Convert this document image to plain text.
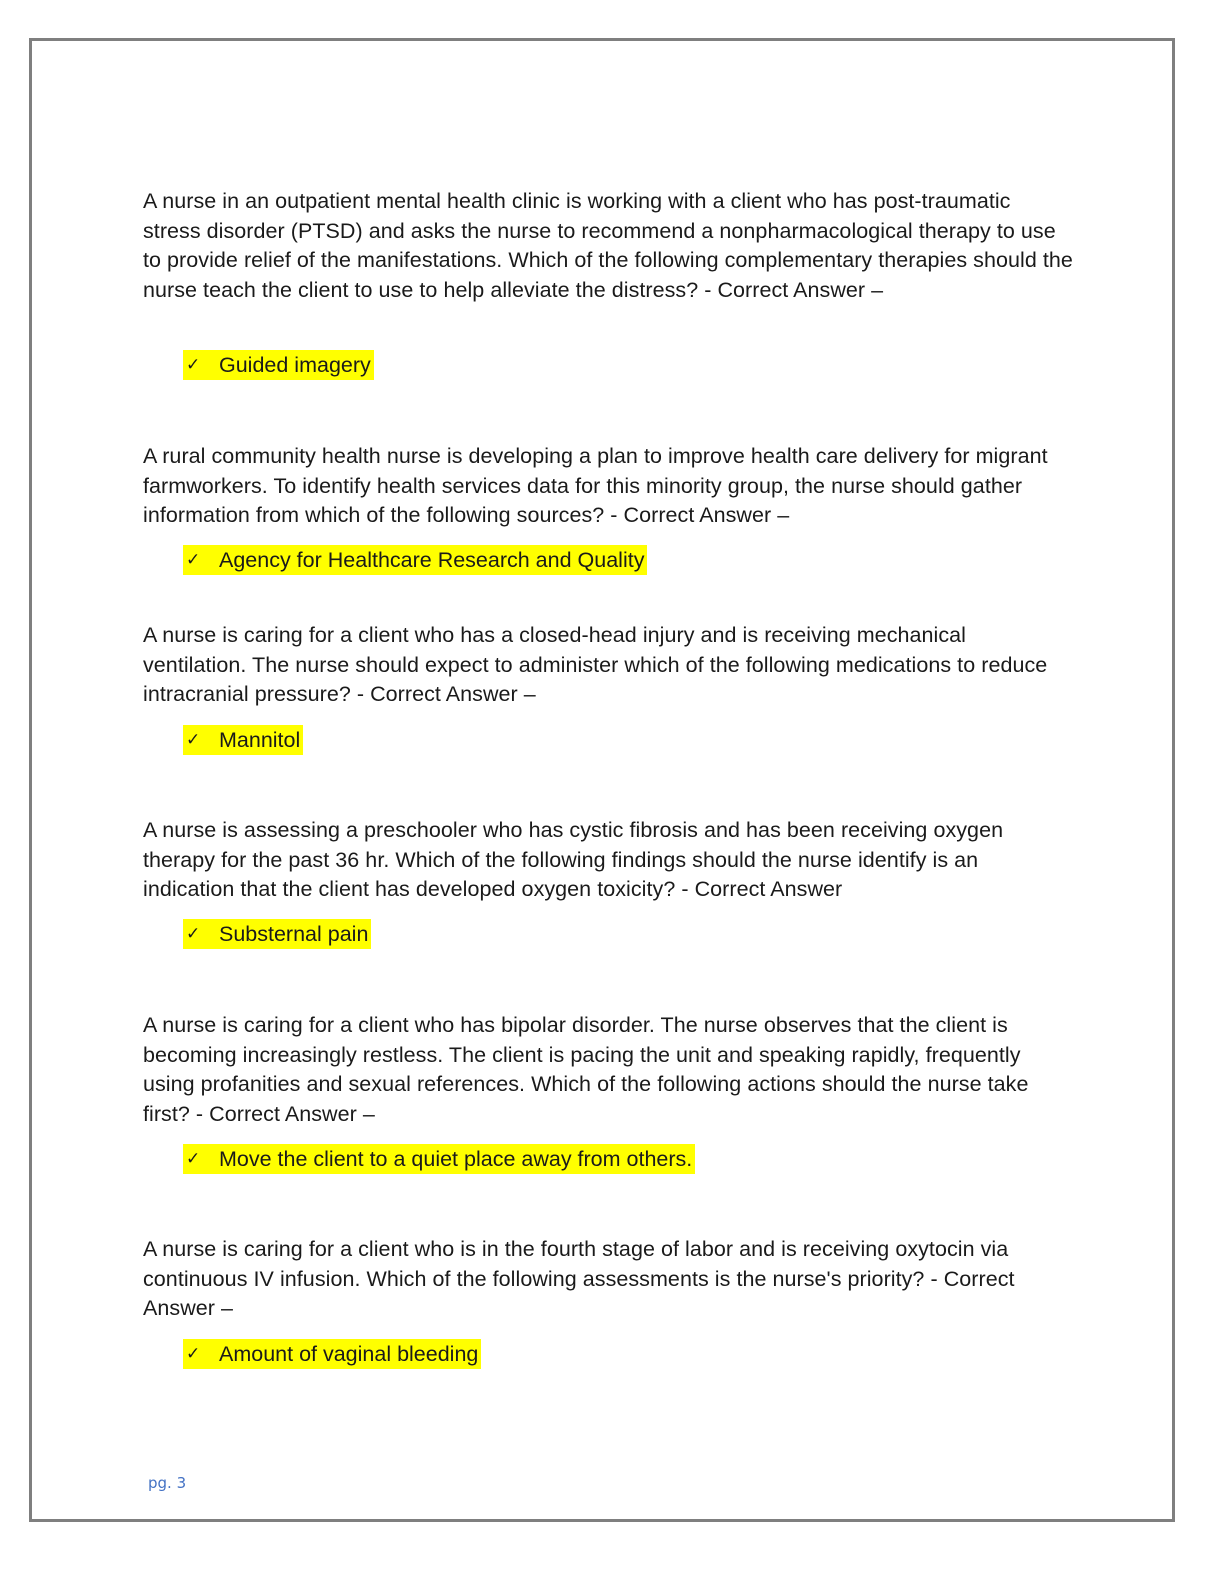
A nurse in an outpatient mental health clinic is working with a client who has post-traumatic stress disorder (PTSD) and asks the nurse to recommend a nonpharmacological therapy to use to provide relief of the manifestations. Which of the following complementary therapies should the nurse teach the client to use to help alleviate the distress? - Correct Answer –

✓ Guided imagery

A rural community health nurse is developing a plan to improve health care delivery for migrant farmworkers. To identify health services data for this minority group, the nurse should gather information from which of the following sources? - Correct Answer –

✓ Agency for Healthcare Research and Quality

A nurse is caring for a client who has a closed-head injury and is receiving mechanical ventilation. The nurse should expect to administer which of the following medications to reduce intracranial pressure? - Correct Answer –

✓ Mannitol

A nurse is assessing a preschooler who has cystic fibrosis and has been receiving oxygen therapy for the past 36 hr. Which of the following findings should the nurse identify is an indication that the client has developed oxygen toxicity? - Correct Answer

✓ Substernal pain

A nurse is caring for a client who has bipolar disorder. The nurse observes that the client is becoming increasingly restless. The client is pacing the unit and speaking rapidly, frequently using profanities and sexual references. Which of the following actions should the nurse take first? - Correct Answer –

✓ Move the client to a quiet place away from others.

A nurse is caring for a client who is in the fourth stage of labor and is receiving oxytocin via continuous IV infusion. Which of the following assessments is the nurse's priority? - Correct Answer –

✓ Amount of vaginal bleeding
pg. 3
